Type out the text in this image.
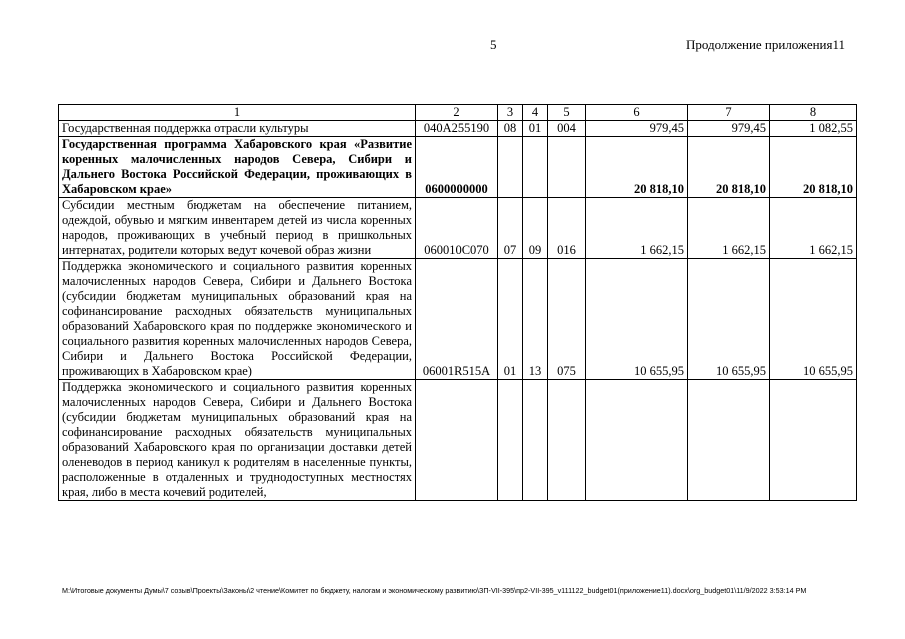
5	Продолжение приложения11
1	2	3	4	5	6	7	8
Государственная поддержка отрасли культуры	040A255190	08	01	004	979,45	979,45	1 082,55
Государственная программа Хабаровского края «Развитие коренных малочисленных народов Севера, Сибири и Дальнего Востока Российской Федерации, проживающих в Хабаровском крае»	0600000000				20 818,10	20 818,10	20 818,10
Субсидии местным бюджетам на обеспечение питанием, одеждой, обувью и мягким инвентарем детей из числа коренных народов, проживающих в учебный период в пришкольных интернатах, родители которых ведут кочевой образ жизни	060010C070	07	09	016	1 662,15	1 662,15	1 662,15
Поддержка экономического и социального развития коренных малочисленных народов Севера, Сибири и Дальнего Востока (субсидии бюджетам муниципальных образований края на софинансирование расходных обязательств муниципальных образований Хабаровского края по поддержке экономического и социального развития коренных малочисленных народов Севера, Сибири и Дальнего Востока Российской Федерации, проживающих в Хабаровском крае)	06001R515A	01	13	075	10 655,95	10 655,95	10 655,95
Поддержка экономического и социального развития коренных малочисленных народов Севера, Сибири и Дальнего Востока (субсидии бюджетам муниципальных образований края на софинансирование расходных обязательств муниципальных образований Хабаровского края по организации доставки детей оленеводов в период каникул к родителям в населенные пункты, расположенные в отдаленных и труднодоступных местностях края, либо в места кочевий родителей,							
M:\Итоговые документы Думы\7 созыв\Проекты\Законы\2 чтение\Комитет по бюджету, налогам и экономическому развитию\ЗП-VII-395\пр2-VII-395_v111122_budget01(приложение11).docx\org_budget01\11/9/2022 3:53:14 PM
